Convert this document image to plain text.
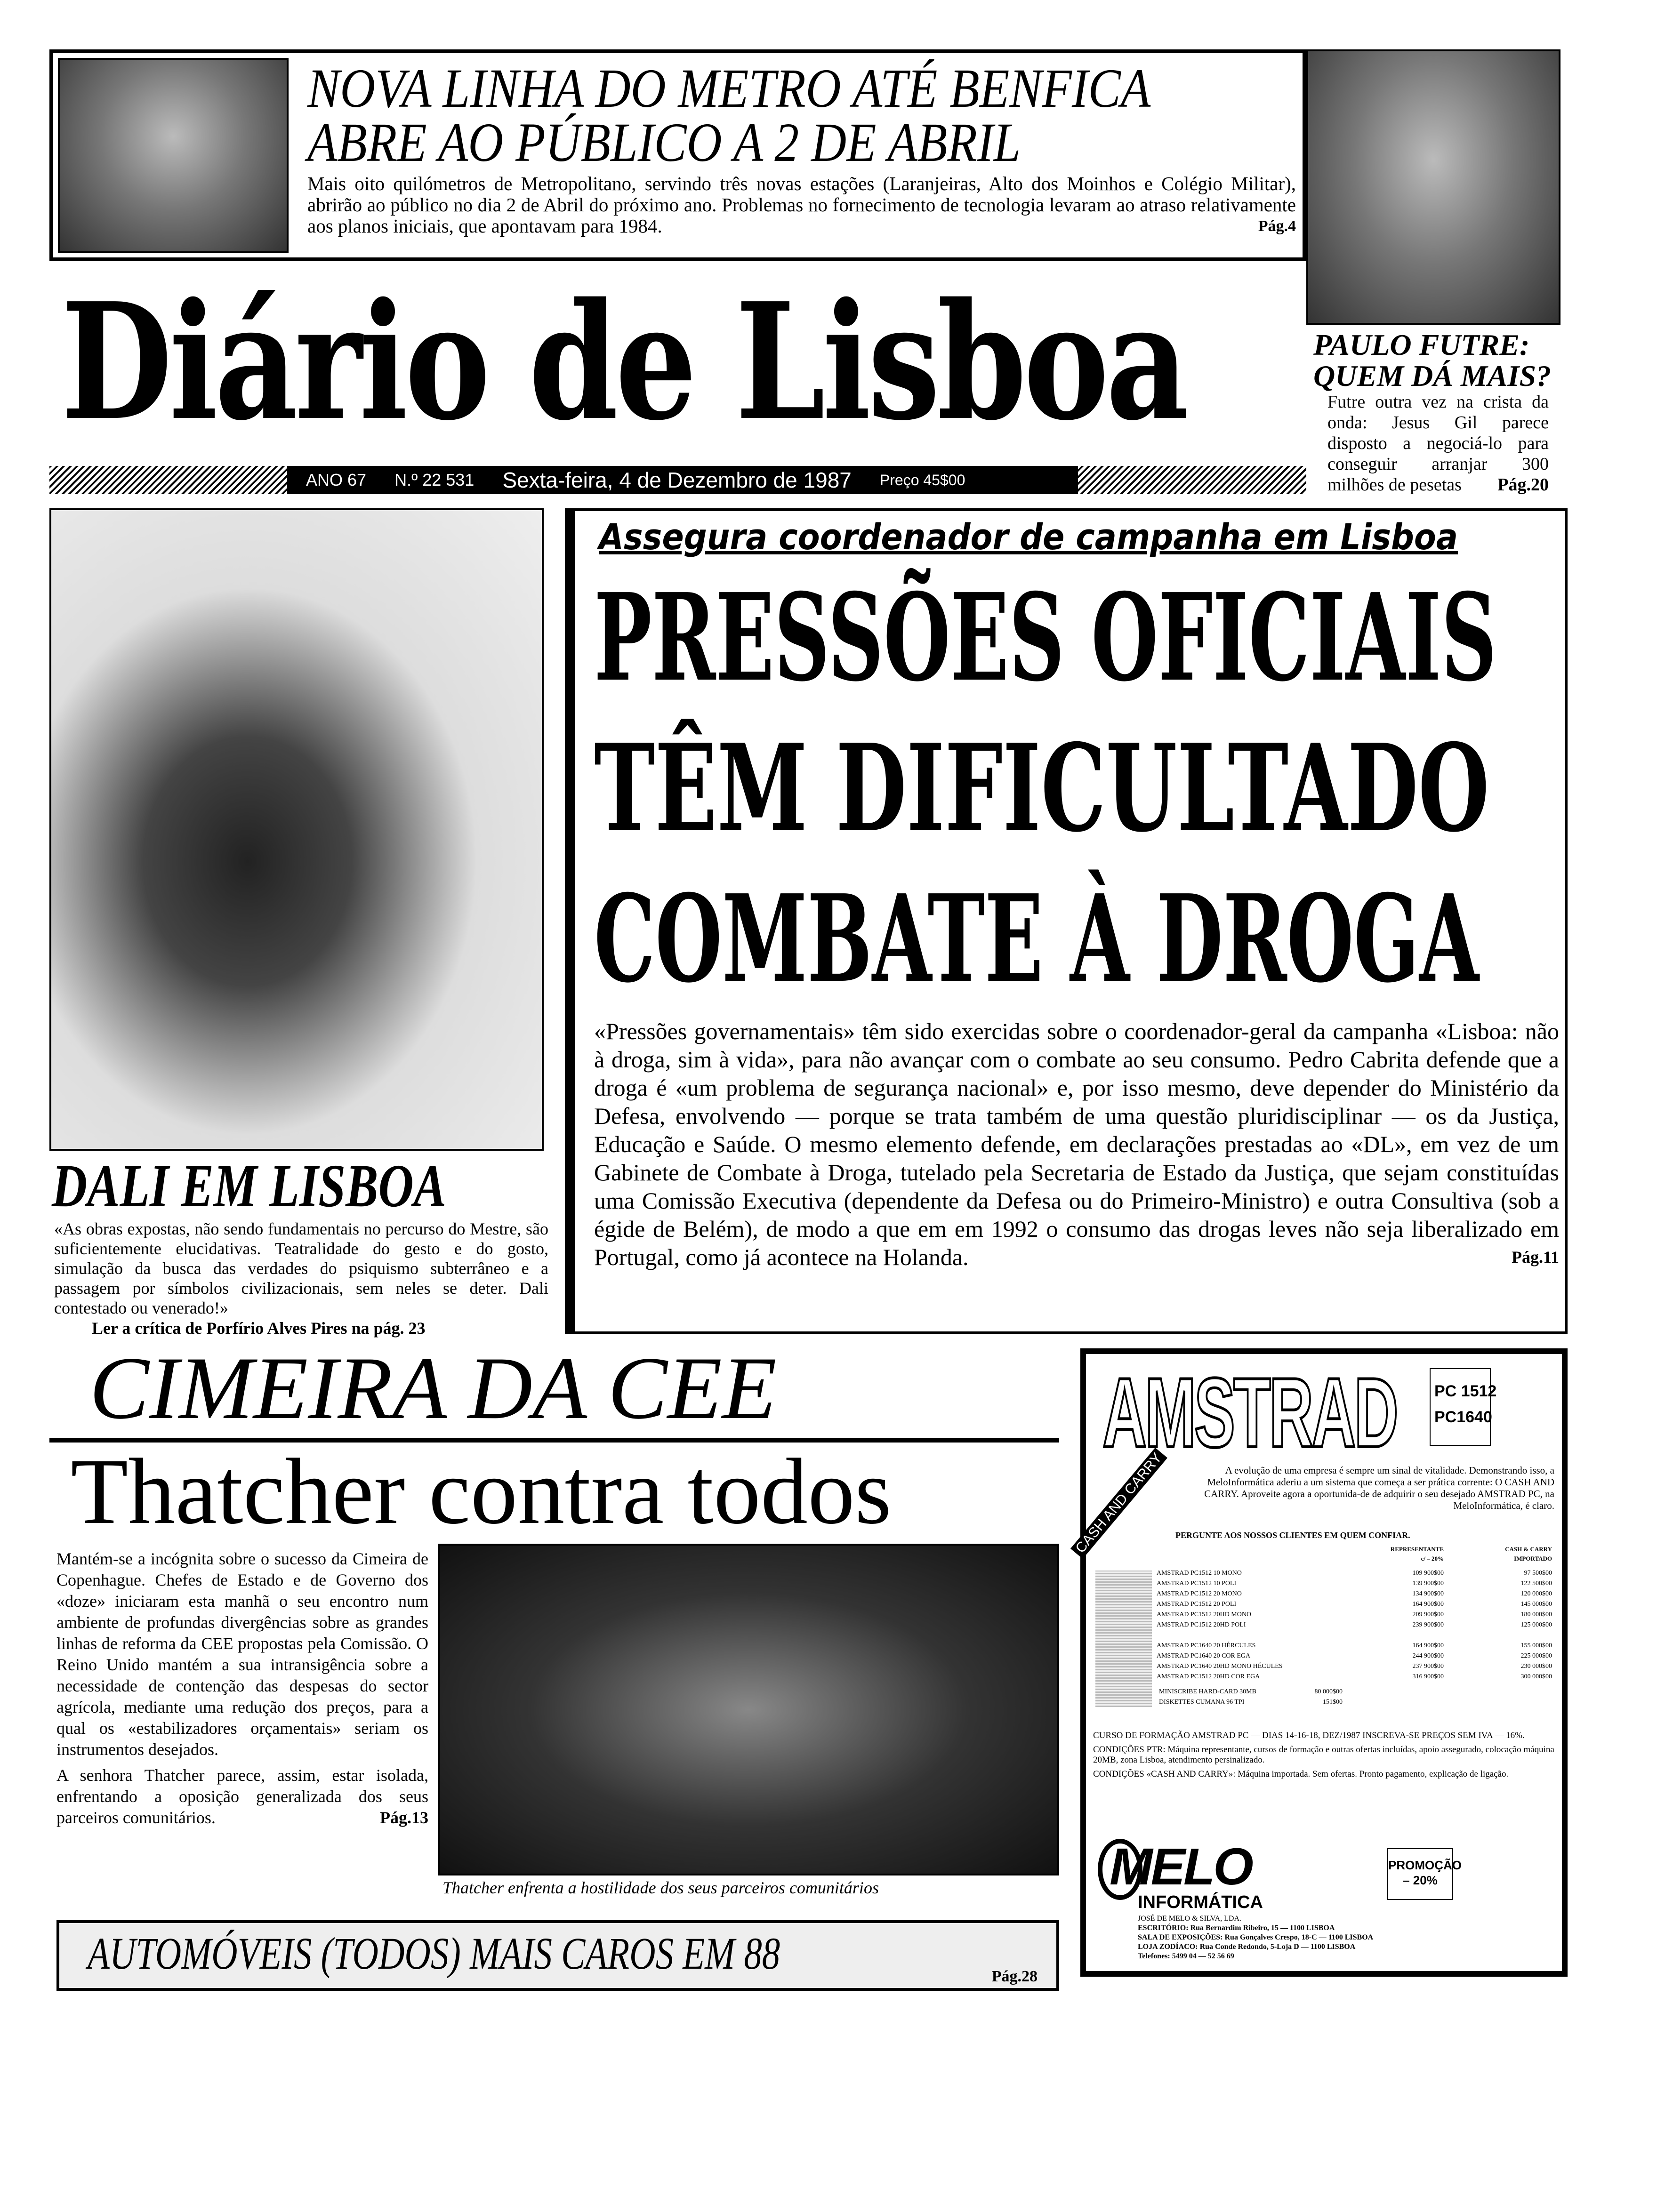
NOVA LINHA DO METRO ATÉ BENFICA
ABRE AO PÚBLICO A 2 DE ABRIL
Mais oito quilómetros de Metropolitano, servindo três novas estações (Laranjeiras, Alto dos Moinhos e Colégio Militar), abrirão ao público no dia 2 de Abril do próximo ano. Problemas no fornecimento de tecnologia levaram ao atraso relativamente aos planos iniciais, que apontavam para 1984.	Pág.4
Diário de Lisboa	PAULO FUTRE:
QUEM DÁ MAIS?
Futre outra vez na crista da onda: Jesus Gil parece disposto a negociá-lo para conseguir arranjar 300 milhões de pesetas Pág.20
ANO 67 N.º 22 531 Sexta-feira, 4 de Dezembro de 1987 Preço 45$00
DALI EM LISBOA
«As obras expostas, não sendo fundamentais no percurso do Mestre, são suficientemente elucidativas. Teatralidade do gesto e do gosto, simulação da busca das verdades do psiquismo subterrâneo e a passagem por símbolos civilizacionais, sem neles se deter. Dali contestado ou venerado!»
Ler a crítica de Porfírio Alves Pires na pág. 23
Assegura coordenador de campanha em Lisboa
PRESSÕES OFICIAIS
TÊM DIFICULTADO
COMBATE À DROGA
«Pressões governamentais» têm sido exercidas sobre o coordenador-geral da campanha «Lisboa: não à droga, sim à vida», para não avançar com o combate ao seu consumo. Pedro Cabrita defende que a droga é «um problema de segurança nacional» e, por isso mesmo, deve depender do Ministério da Defesa, envolvendo — porque se trata também de uma questão pluridisciplinar — os da Justiça, Educação e Saúde. O mesmo elemento defende, em declarações prestadas ao «DL», em vez de um Gabinete de Combate à Droga, tutelado pela Secretaria de Estado da Justiça, que sejam constituídas uma Comissão Executiva (dependente da Defesa ou do Primeiro-Ministro) e outra Consultiva (sob a égide de Belém), de modo a que em em 1992 o consumo das drogas leves não seja liberalizado em Portugal, como já acontece na Holanda.	Pág.11
CIMEIRA DA CEE
Thatcher contra todos
Mantém-se a incógnita sobre o sucesso da Cimeira de Copenhague. Chefes de Estado e de Governo dos «doze» iniciaram esta manhã o seu encontro num ambiente de profundas divergências sobre as grandes linhas de reforma da CEE propostas pela Comissão. O Reino Unido mantém a sua intransigência sobre a necessidade de contenção das despesas do sector agrícola, mediante uma redução dos preços, para a qual os «estabilizadores orçamentais» seriam os instrumentos desejados.
A senhora Thatcher parece, assim, estar isolada, enfrentando a oposição generalizada dos seus parceiros comunitários.	Pág.13
Thatcher enfrenta a hostilidade dos seus parceiros comunitários
AUTOMÓVEIS (TODOS) MAIS CAROS EM 88	Pág.28
AMSTRAD PC 1512
PC1640
CASH AND CARRY	A evolução de uma empresa é sempre um sinal de vitalidade. Demonstrando isso, a MeloInformática aderiu a um sistema que começa a ser prática corrente: O CASH AND CARRY. Aproveite agora a oportunida-de de adquirir o seu desejado AMSTRAD PC, na MeloInformática, é claro.
PERGUNTE AOS NOSSOS CLIENTES EM QUEM CONFIAR.
REPRESENTANTE
c/ – 20%
CASH & CARRY
IMPORTADO
AMSTRAD PC1512 10 MONO	109 900$00	97 500$00
AMSTRAD PC1512 10 POLI	139 900$00	122 500$00
AMSTRAD PC1512 20 MONO	134 900$00	120 000$00
AMSTRAD PC1512 20 POLI	164 900$00	145 000$00
AMSTRAD PC1512 20HD MONO	209 900$00	180 000$00
AMSTRAD PC1512 20HD POLI	239 900$00	125 000$00
AMSTRAD PC1640 20 HÉRCULES	164 900$00	155 000$00
AMSTRAD PC1640 20 COR EGA	244 900$00	225 000$00
AMSTRAD PC1640 20HD MONO HÉCULES	237 900$00	230 000$00
AMSTRAD PC1512 20HD COR EGA	316 900$00	300 000$00
MINISCRIBE HARD-CARD 30MB	80 000$00
DISKETTES CUMANA 96 TPI	151$00
CURSO DE FORMAÇÃO AMSTRAD PC — DIAS 14-16-18, DEZ/1987 INSCREVA-SE PREÇOS SEM IVA — 16%.
CONDIÇÕES PTR: Máquina representante, cursos de formação e outras ofertas incluídas, apoio assegurado, colocação máquina 20MB, zona Lisboa, atendimento persinalizado.
CONDIÇÕES «CASH AND CARRY»: Máquina importada. Sem ofertas. Pronto pagamento, explicação de ligação.
MELO
INFORMÁTICA
PROMOÇÃO
– 20%
JOSÉ DE MELO & SILVA, LDA.
ESCRITÓRIO: Rua Bernardim Ribeiro, 15 — 1100 LISBOA
SALA DE EXPOSIÇÕES: Rua Gonçalves Crespo, 18-C — 1100 LISBOA
LOJA ZODÍACO: Rua Conde Redondo, 5-Loja D — 1100 LISBOA
Telefones: 5499 04 — 52 56 69
